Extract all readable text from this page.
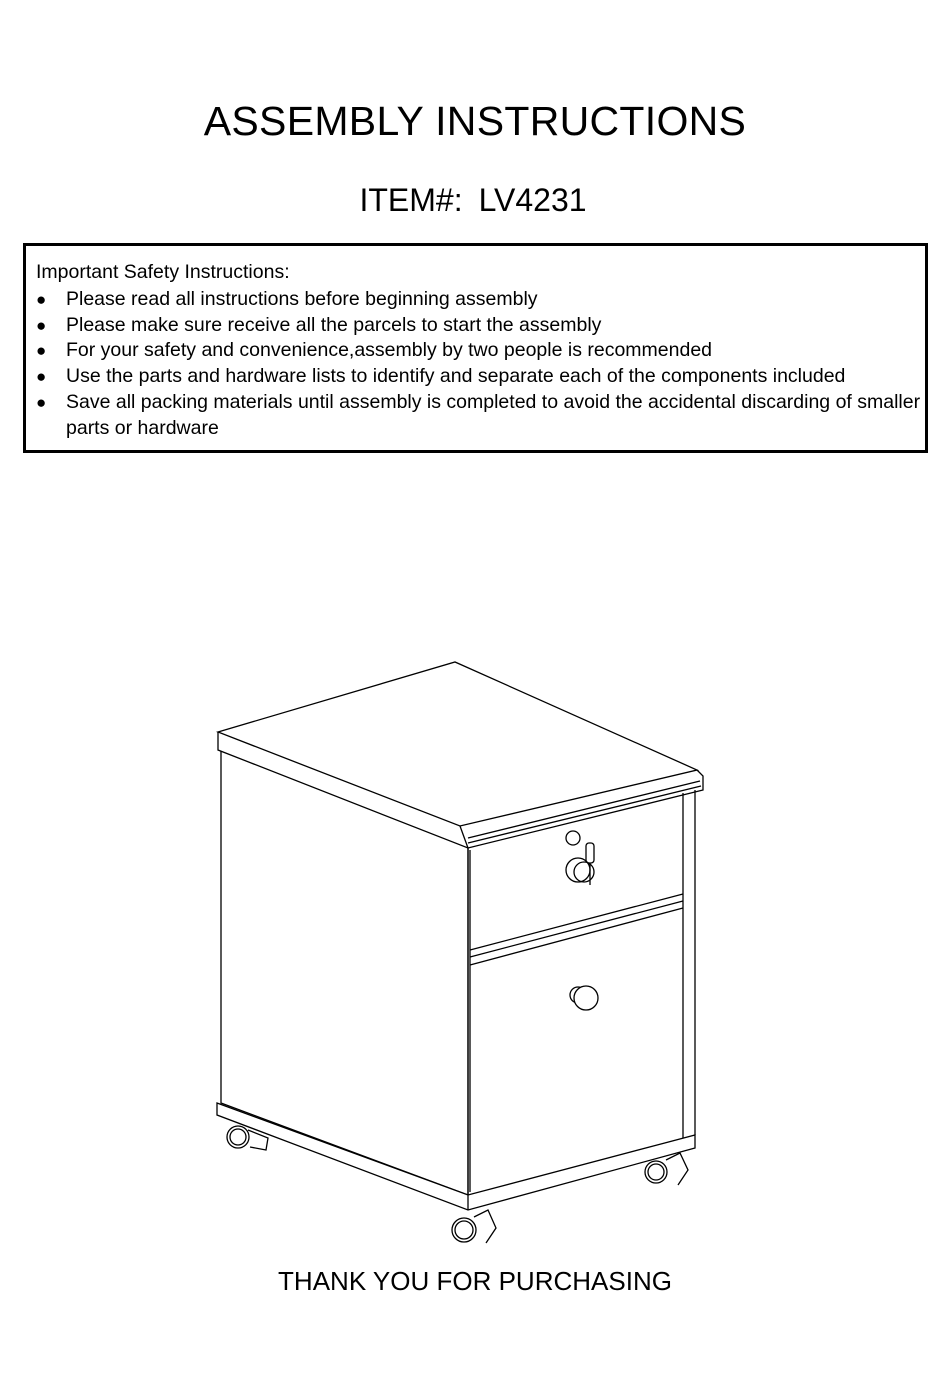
ASSEMBLY INSTRUCTIONS
ITEM#: LV4231
Important Safety Instructions:
● Please read all instructions before beginning assembly
● Please make sure receive all the parcels to start the assembly
● For your safety and convenience,assembly by two people is recommended
● Use the parts and hardware lists to identify and separate each of the components included
● Save all packing materials until assembly is completed to avoid the accidental discarding of smaller parts or hardware
THANK YOU FOR PURCHASING
